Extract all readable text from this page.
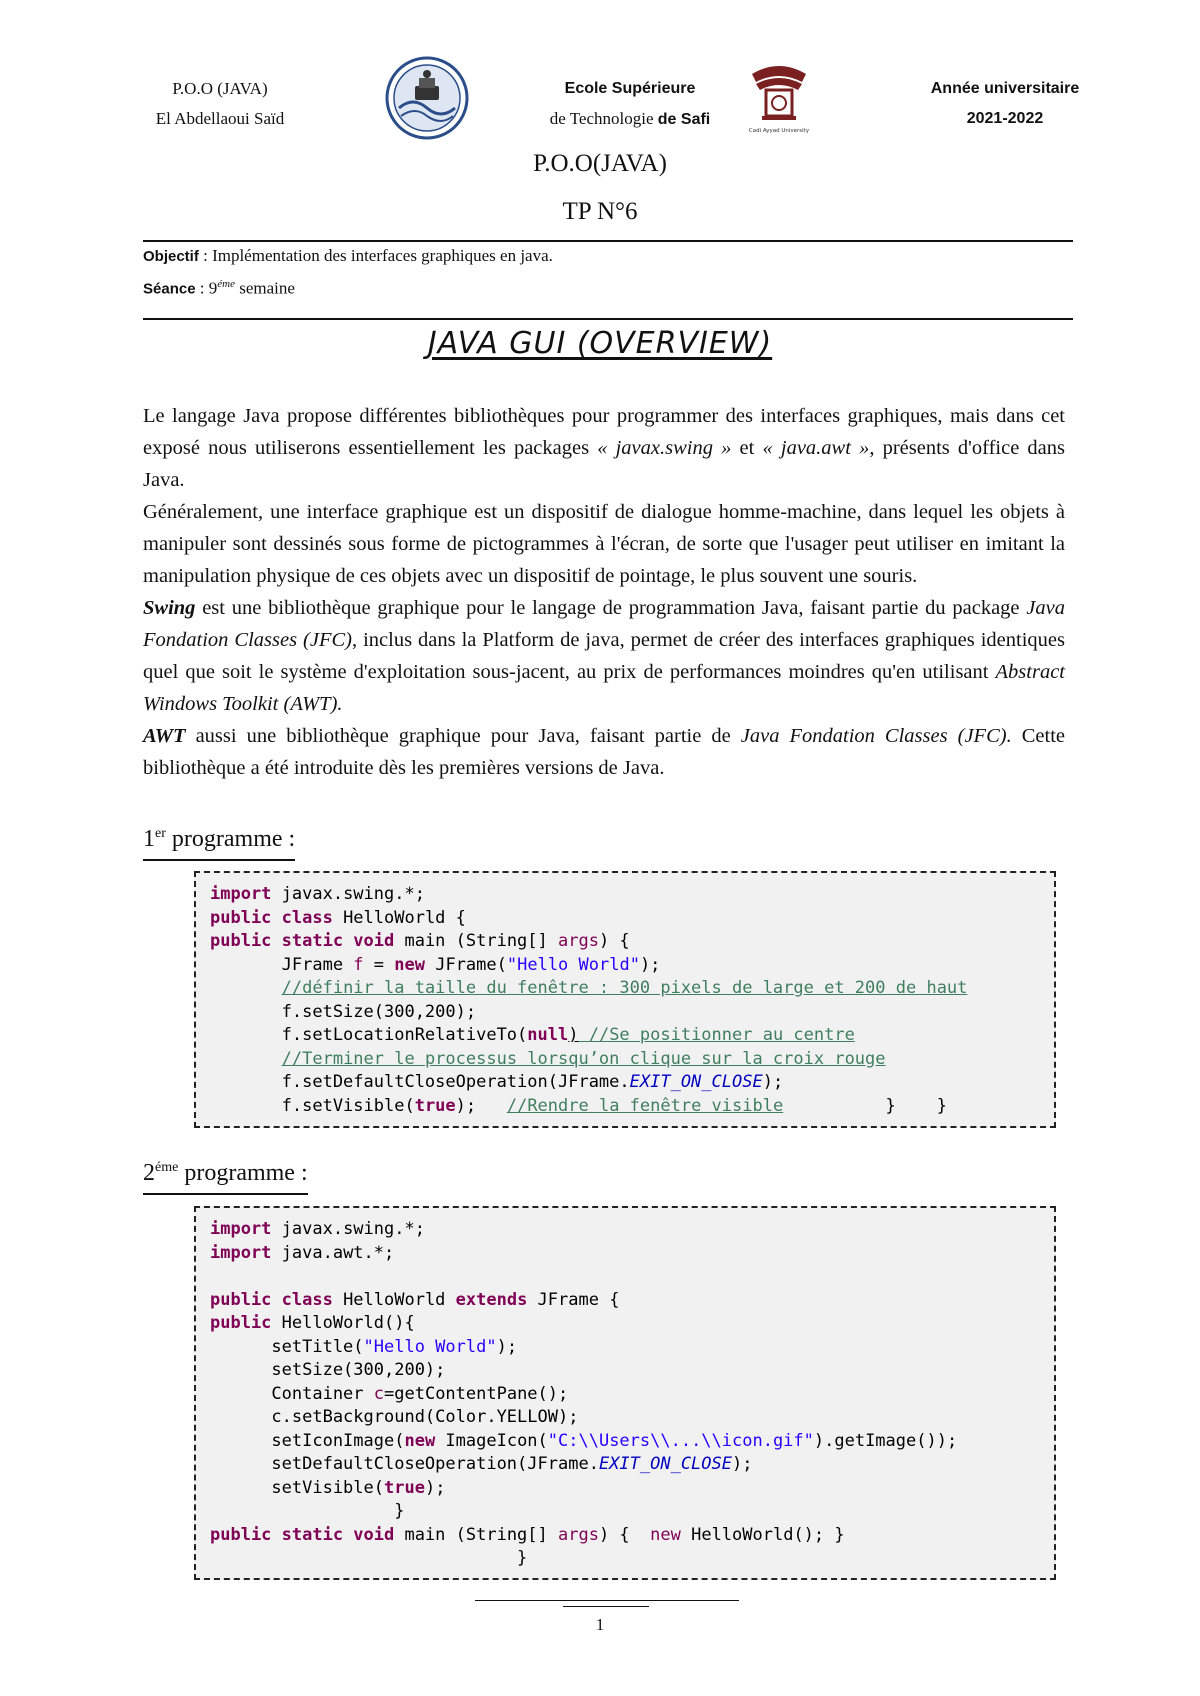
P.O.O (JAVA)
El Abdellaoui Saïd
Ecole Supérieure
de Technologie de Safi
Cadi Ayyad University
Année universitaire
2021-2022
P.O.O(JAVA)
TP N°6
Objectif : Implémentation des interfaces graphiques en java.
Séance : $9^{éme}$ semaine
JAVA GUI (OVERVIEW)

Le langage Java propose différentes bibliothèques pour programmer des interfaces graphiques, mais dans cet exposé nous utiliserons essentiellement les packages « javax.swing » et « java.awt », présents d'office dans Java.

Généralement, une interface graphique est un dispositif de dialogue homme-machine, dans lequel les objets à manipuler sont dessinés sous forme de pictogrammes à l'écran, de sorte que l'usager peut utiliser en imitant la manipulation physique de ces objets avec un dispositif de pointage, le plus souvent une souris.

Swing est une bibliothèque graphique pour le langage de programmation Java, faisant partie du package Java Fondation Classes (JFC), inclus dans la Platform de java, permet de créer des interfaces graphiques identiques quel que soit le système d'exploitation sous-jacent, au prix de performances moindres qu'en utilisant Abstract Windows Toolkit (AWT).

AWT aussi une bibliothèque graphique pour Java, faisant partie de Java Fondation Classes (JFC). Cette bibliothèque a été introduite dès les premières versions de Java.

1er programme :
import javax.swing.*;
public class HelloWorld {
public static void main (String[] args) {
JFrame f = new JFrame("Hello World");
//définir la taille du fenêtre : 300 pixels de large et 200 de haut
f.setSize(300,200);
f.setLocationRelativeTo(null) //Se positionner au centre
//Terminer le processus lorsqu’on clique sur la croix rouge
f.setDefaultCloseOperation(JFrame.EXIT_ON_CLOSE);
f.setVisible(true);   //Rendre la fenêtre visible          }    }
$2^{éme}$ programme :
import javax.swing.*;
import java.awt.*;

public class HelloWorld extends JFrame {
public HelloWorld(){
setTitle("Hello World");
setSize(300,200);
Container c=getContentPane();
c.setBackground(Color.YELLOW);
setIconImage(new ImageIcon("C:\\Users\\...\\icon.gif").getImage());
setDefaultCloseOperation(JFrame.EXIT_ON_CLOSE);
setVisible(true);
}
public static void main (String[] args) {  new HelloWorld(); }
}
1
